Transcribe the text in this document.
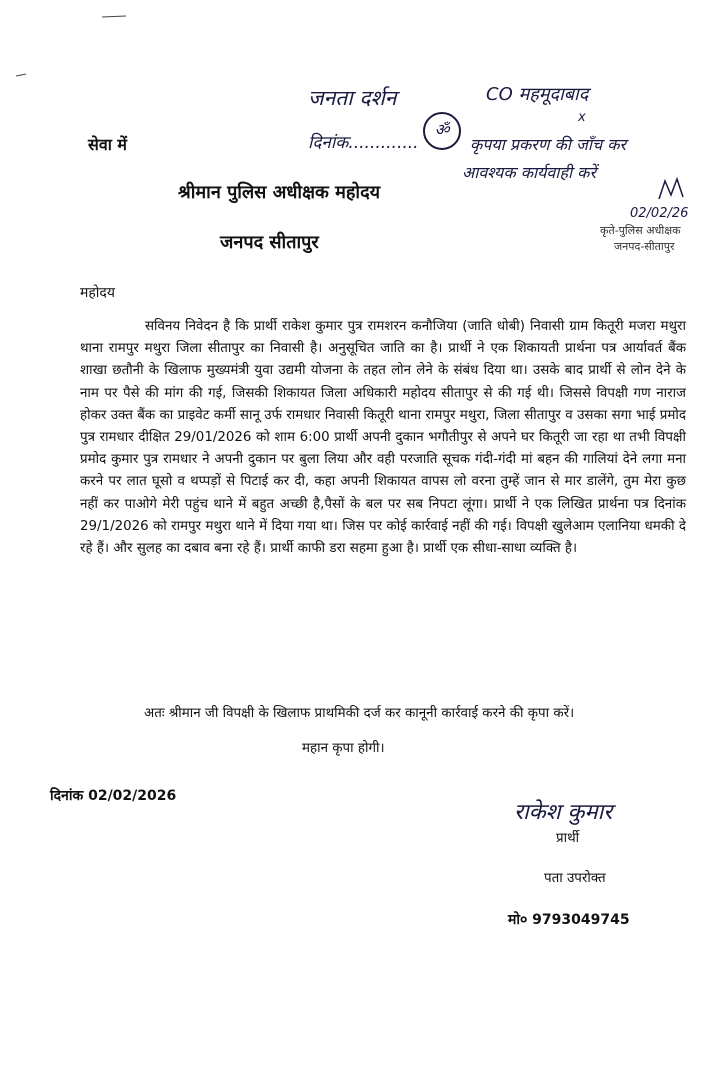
जनता दर्शन
दिनांक.............
ॐ
CO महमूदाबाद
x
कृपया प्रकरण की जाँच कर
आवश्यक कार्यवाही करें
02/02/26
कृते-पुलिस अधीक्षक
जनपद-सीतापुर
सेवा में
श्रीमान पुलिस अधीक्षक महोदय
जनपद सीतापुर
महोदय

सविनय निवेदन है कि प्रार्थी राकेश कुमार पुत्र रामशरन कनौजिया (जाति धोबी) निवासी ग्राम कितूरी मजरा मथुरा थाना रामपुर मथुरा जिला सीतापुर का निवासी है। अनुसूचित जाति का है। प्रार्थी ने एक शिकायती प्रार्थना पत्र आर्यावर्त बैंक शाखा छतौनी के खिलाफ मुख्यमंत्री युवा उद्यमी योजना के तहत लोन लेने के संबंध दिया था। उसके बाद प्रार्थी से लोन देने के नाम पर पैसे की मांग की गई, जिसकी शिकायत जिला अधिकारी महोदय सीतापुर से की गई थी। जिससे विपक्षी गण नाराज होकर उक्त बैंक का प्राइवेट कर्मी सानू उर्फ रामधार निवासी कितूरी थाना रामपुर मथुरा, जिला सीतापुर व उसका सगा भाई प्रमोद पुत्र रामधार दीक्षित 29/01/2026 को शाम 6:00 प्रार्थी अपनी दुकान भगौतीपुर से अपने घर कितूरी जा रहा था तभी विपक्षी प्रमोद कुमार पुत्र रामधार ने अपनी दुकान पर बुला लिया और वही परजाति सूचक गंदी-गंदी मां बहन की गालियां देने लगा मना करने पर लात घूसो व थप्पड़ों से पिटाई कर दी, कहा अपनी शिकायत वापस लो वरना तुम्हें जान से मार डालेंगे, तुम मेरा कुछ नहीं कर पाओगे मेरी पहुंच थाने में बहुत अच्छी है,पैसों के बल पर सब निपटा लूंगा। प्रार्थी ने एक लिखित प्रार्थना पत्र दिनांक 29/1/2026 को रामपुर मथुरा थाने में दिया गया था। जिस पर कोई कार्रवाई नहीं की गई। विपक्षी खुलेआम एलानिया धमकी दे रहे हैं। और सुलह का दबाव बना रहे हैं। प्रार्थी काफी डरा सहमा हुआ है। प्रार्थी एक सीधा-साधा व्यक्ति है।

अतः श्रीमान जी विपक्षी के खिलाफ प्राथमिकी दर्ज कर कानूनी कार्रवाई करने की कृपा करें।
महान कृपा होगी।
दिनांक 02/02/2026
राकेश कुमार
प्रार्थी
पता उपरोक्त
मो० 9793049745
